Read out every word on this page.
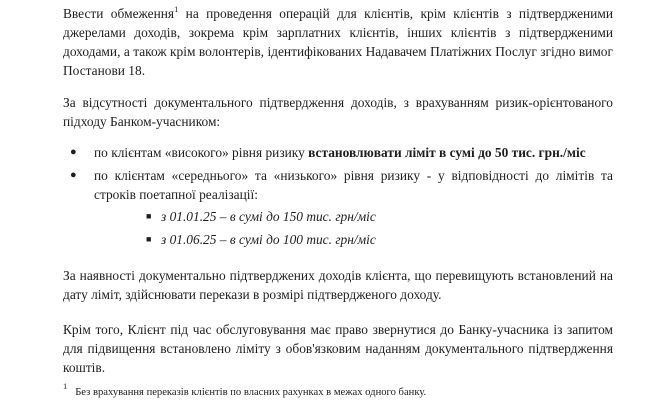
Ввести обмеження$^1$ на проведення операцій для клієнтів, крім клієнтів з підтвердженими джерелами доходів, зокрема крім зарплатних клієнтів, інших клієнтів з підтвердженими доходами, а також крім волонтерів, ідентифікованих Надавачем Платіжних Послуг згідно вимог Постанови 18.

За відсутності документального підтвердження доходів, з врахуванням ризик-орієнтованого підходу Банком-учасником:

● по клієнтам «високого» рівня ризику встановлювати ліміт в сумі до 50 тис. грн./міс
● по клієнтам «середнього» та «низького» рівня ризику - у відповідності до лімітів та строків поетапної реалізації:
■ з 01.01.25 – в сумі до 150 тис. грн/міс
■ з 01.06.25 – в сумі до 100 тис. грн/міс

За наявності документально підтверджених доходів клієнта, що перевищують встановлений на дату ліміт, здійснювати перекази в розмірі підтвердженого доходу.

Крім того, Клієнт під час обслуговування має право звернутися до Банку-учасника із запитом для підвищення встановлено ліміту з обов'язковим наданням документального підтвердження коштів.

$^1$   Без врахування переказів клієнтів по власних рахунках в межах одного банку.
